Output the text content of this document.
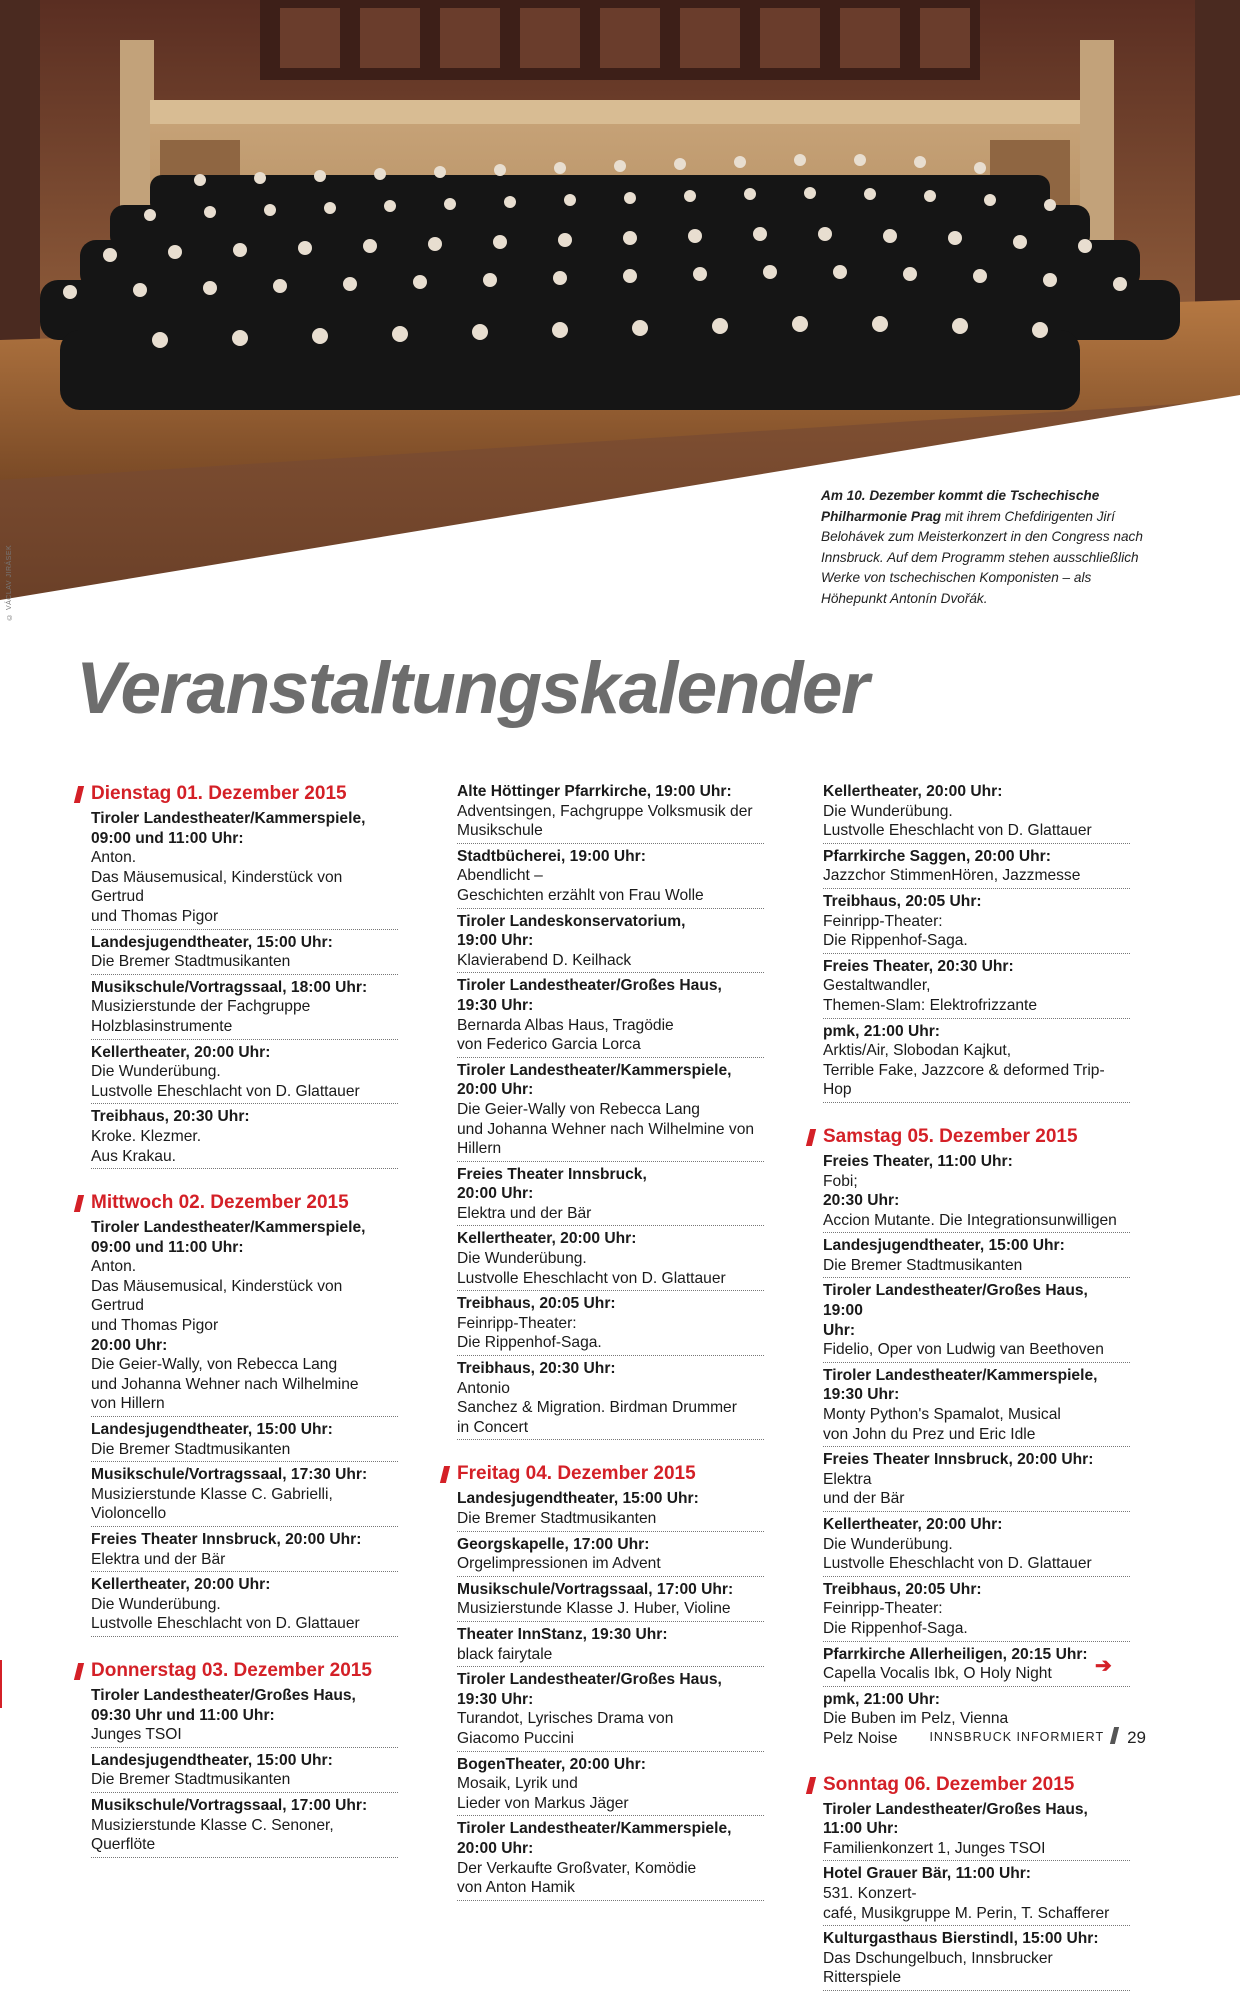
© VÁCLAV JIRÁSEK
Am 10. Dezember kommt die Tschechische Philharmonie Prag mit ihrem Chefdirigenten Jirí Belohávek zum Meisterkonzert in den Congress nach Innsbruck. Auf dem Programm stehen ausschließlich Werke von tschechischen Komponisten – als Höhepunkt Antonín Dvořák.
Veranstaltungskalender
Dienstag 01. Dezember 2015
Tiroler Landestheater/Kammerspiele,
09:00 und 11:00 Uhr:
Anton.
Das Mäusemusical, Kinderstück von Gertrud
und Thomas Pigor
Landesjugendtheater, 15:00 Uhr:
Die Bremer Stadtmusikanten
Musikschule/Vortragssaal, 18:00 Uhr:
Musizierstunde der Fachgruppe
Holzblasinstrumente
Kellertheater, 20:00 Uhr:
Die Wunderübung.
Lustvolle Eheschlacht von D. Glattauer
Treibhaus, 20:30 Uhr:
Kroke. Klezmer.
Aus Krakau.
Mittwoch 02. Dezember 2015
Tiroler Landestheater/Kammerspiele,
09:00 und 11:00 Uhr:
Anton.
Das Mäusemusical, Kinderstück von Gertrud
und Thomas Pigor
20:00 Uhr:
Die Geier-Wally, von Rebecca Lang
und Johanna Wehner nach Wilhelmine
von Hillern
Landesjugendtheater, 15:00 Uhr:
Die Bremer Stadtmusikanten
Musikschule/Vortragssaal, 17:30 Uhr:
Musizierstunde Klasse C. Gabrielli, Violoncello
Freies Theater Innsbruck, 20:00 Uhr:
Elektra und der Bär
Kellertheater, 20:00 Uhr:
Die Wunderübung.
Lustvolle Eheschlacht von D. Glattauer
Donnerstag 03. Dezember 2015
Tiroler Landestheater/Großes Haus,
09:30 Uhr und 11:00 Uhr:
Junges TSOI
Landesjugendtheater, 15:00 Uhr:
Die Bremer Stadtmusikanten
Musikschule/Vortragssaal, 17:00 Uhr:
Musizierstunde Klasse C. Senoner, Querflöte
Alte Höttinger Pfarrkirche, 19:00 Uhr:
Adventsingen, Fachgruppe Volksmusik der
Musikschule
Stadtbücherei, 19:00 Uhr:
Abendlicht –
Geschichten erzählt von Frau Wolle
Tiroler Landeskonservatorium,
19:00 Uhr:
Klavierabend D. Keilhack
Tiroler Landestheater/Großes Haus,
19:30 Uhr:
Bernarda Albas Haus, Tragödie
von Federico Garcia Lorca
Tiroler Landestheater/Kammerspiele,
20:00 Uhr:
Die Geier-Wally von Rebecca Lang
und Johanna Wehner nach Wilhelmine von
Hillern
Freies Theater Innsbruck,
20:00 Uhr:
Elektra und der Bär
Kellertheater, 20:00 Uhr:
Die Wunderübung.
Lustvolle Eheschlacht von D. Glattauer
Treibhaus, 20:05 Uhr:
Feinripp-Theater:
Die Rippenhof-Saga.
Treibhaus, 20:30 Uhr:
Antonio
Sanchez & Migration. Birdman Drummer
in Concert
Freitag 04. Dezember 2015
Landesjugendtheater, 15:00 Uhr:
Die Bremer Stadtmusikanten
Georgskapelle, 17:00 Uhr:
Orgelimpressionen im Advent
Musikschule/Vortragssaal, 17:00 Uhr:
Musizierstunde Klasse J. Huber, Violine
Theater InnStanz, 19:30 Uhr:
black fairytale
Tiroler Landestheater/Großes Haus,
19:30 Uhr:
Turandot, Lyrisches Drama von
Giacomo Puccini
BogenTheater, 20:00 Uhr:
Mosaik, Lyrik und
Lieder von Markus Jäger
Tiroler Landestheater/Kammerspiele,
20:00 Uhr:
Der Verkaufte Großvater, Komödie
von Anton Hamik
Kellertheater, 20:00 Uhr:
Die Wunderübung.
Lustvolle Eheschlacht von D. Glattauer
Pfarrkirche Saggen, 20:00 Uhr:
Jazzchor StimmenHören, Jazzmesse
Treibhaus, 20:05 Uhr:
Feinripp-Theater:
Die Rippenhof-Saga.
Freies Theater, 20:30 Uhr:
Gestaltwandler,
Themen-Slam: Elektrofrizzante
pmk, 21:00 Uhr:
Arktis/Air, Slobodan Kajkut,
Terrible Fake, Jazzcore & deformed Trip-Hop
Samstag 05. Dezember 2015
Freies Theater, 11:00 Uhr:
Fobi;
20:30 Uhr:
Accion Mutante. Die Integrationsunwilligen
Landesjugendtheater, 15:00 Uhr:
Die Bremer Stadtmusikanten
Tiroler Landestheater/Großes Haus, 19:00
Uhr:
Fidelio, Oper von Ludwig van Beethoven
Tiroler Landestheater/Kammerspiele,
19:30 Uhr:
Monty Python's Spamalot, Musical
von John du Prez und Eric Idle
Freies Theater Innsbruck, 20:00 Uhr:
Elektra
und der Bär
Kellertheater, 20:00 Uhr:
Die Wunderübung.
Lustvolle Eheschlacht von D. Glattauer
Treibhaus, 20:05 Uhr:
Feinripp-Theater:
Die Rippenhof-Saga.
Pfarrkirche Allerheiligen, 20:15 Uhr:
Capella Vocalis Ibk, O Holy Night
pmk, 21:00 Uhr:
Die Buben im Pelz, Vienna
Pelz Noise
Sonntag 06. Dezember 2015
Tiroler Landestheater/Großes Haus,
11:00 Uhr:
Familienkonzert 1, Junges TSOI
Hotel Grauer Bär, 11:00 Uhr:
531. Konzert-
café, Musikgruppe M. Perin, T. Schafferer
Kulturgasthaus Bierstindl, 15:00 Uhr:
Das Dschungelbuch, Innsbrucker Ritterspiele
➔
INNSBRUCK INFORMIERT 29
